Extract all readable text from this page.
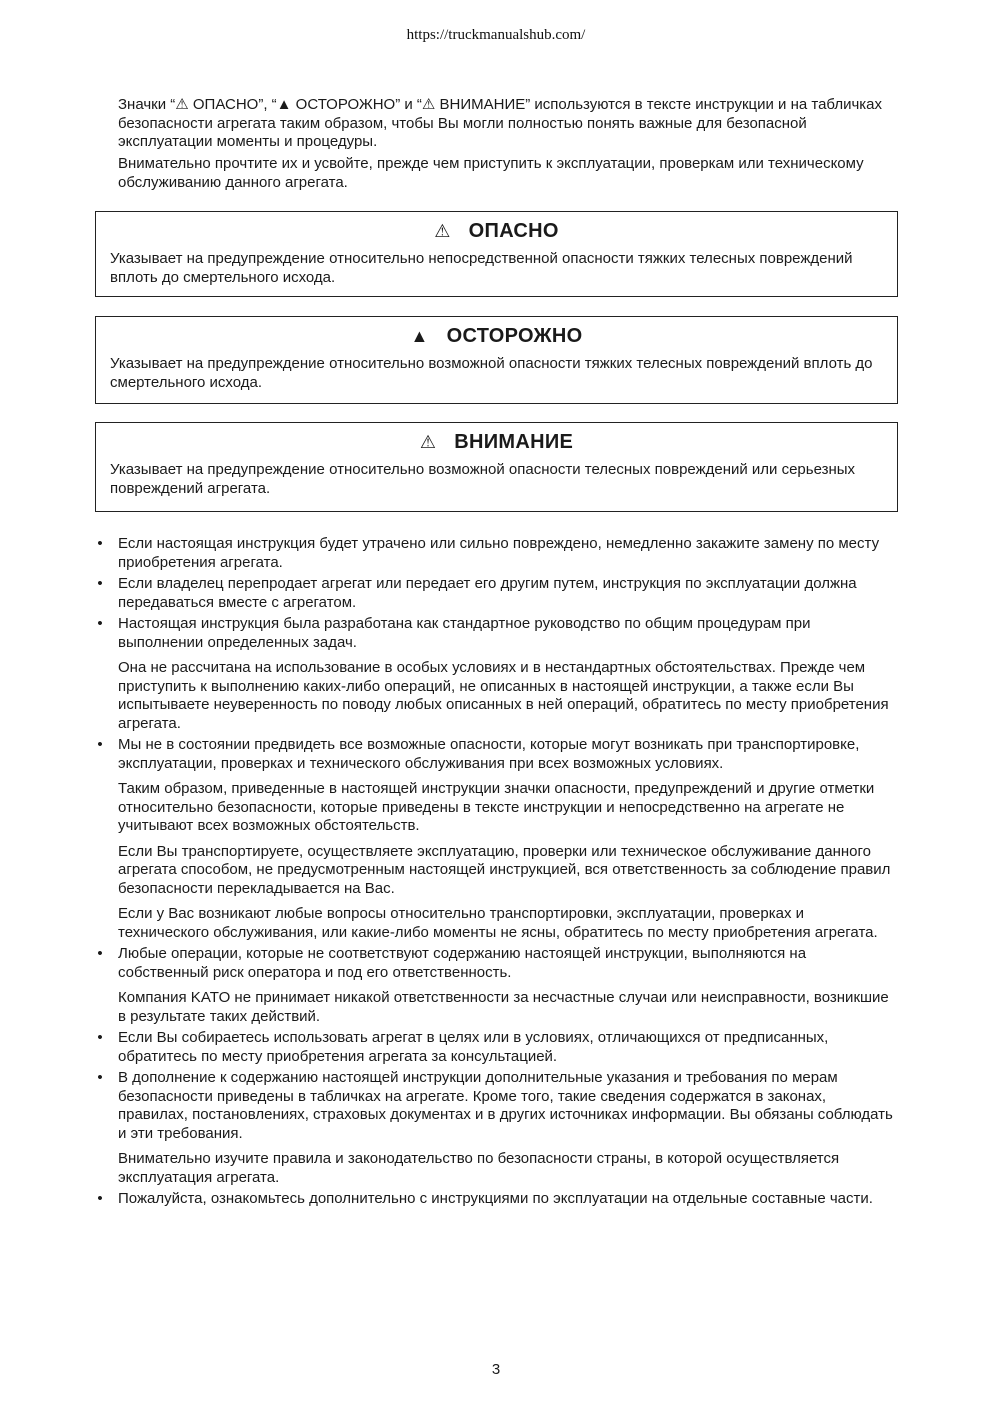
https://truckmanualshub.com/

Значки “⚠ ОПАСНО”, “▲ ОСТОРОЖНО” и “⚠ ВНИМАНИЕ” используются в тексте инструкции и на табличках безопасности агрегата таким образом, чтобы Вы могли полностью понять важные для безопасной эксплуатации моменты и процедуры.

Внимательно прочтите их и усвойте, прежде чем приступить к эксплуатации, проверкам или техническому обслуживанию данного агрегата.

⚠ ОПАСНО
Указывает на предупреждение относительно непосредственной опасности тяжких телесных повреждений вплоть до смертельного исхода.
▲ ОСТОРОЖНО
Указывает на предупреждение относительно возможной опасности тяжких телесных повреждений вплоть до смертельного исхода.
⚠ ВНИМАНИЕ
Указывает на предупреждение относительно возможной опасности телесных повреждений или серьезных повреждений агрегата.
• Если настоящая инструкция будет утрачено или сильно повреждено, немедленно закажите замену по месту приобретения агрегата.

• Если владелец перепродает агрегат или передает его другим путем, инструкция по эксплуатации должна передаваться вместе с агрегатом.

• Настоящая инструкция была разработана как стандартное руководство по общим процедурам при выполнении определенных задач.

Она не рассчитана на использование в особых условиях и в нестандартных обстоятельствах. Прежде чем приступить к выполнению каких-либо операций, не описанных в настоящей инструкции, а также если Вы испытываете неуверенность по поводу любых описанных в ней операций, обратитесь по месту приобретения агрегата.

• Мы не в состоянии предвидеть все возможные опасности, которые могут возникать при транспортировке, эксплуатации, проверках и технического обслуживания при всех возможных условиях.

Таким образом, приведенные в настоящей инструкции значки опасности, предупреждений и другие отметки относительно безопасности, которые приведены в тексте инструкции и непосредственно на агрегате не учитывают всех возможных обстоятельств.

Если Вы транспортируете, осуществляете эксплуатацию, проверки или техническое обслуживание данного агрегата способом, не предусмотренным настоящей инструкцией, вся ответственность за соблюдение правил безопасности перекладывается на Вас.

Если у Вас возникают любые вопросы относительно транспортировки, эксплуатации, проверках и технического обслуживания, или какие-либо моменты не ясны, обратитесь по месту приобретения агрегата.

• Любые операции, которые не соответствуют содержанию настоящей инструкции, выполняются на собственный риск оператора и под его ответственность.

Компания KATO не принимает никакой ответственности за несчастные случаи или неисправности, возникшие в результате таких действий.

• Если Вы собираетесь использовать агрегат в целях или в условиях, отличающихся от предписанных, обратитесь по месту приобретения агрегата за консультацией.

• В дополнение к содержанию настоящей инструкции дополнительные указания и требования по мерам безопасности приведены в табличках на агрегате. Кроме того, такие сведения содержатся в законах, правилах, постановлениях, страховых документах и в других источниках информации. Вы обязаны соблюдать и эти требования.

Внимательно изучите правила и законодательство по безопасности страны, в которой осуществляется эксплуатация агрегата.

• Пожалуйста, ознакомьтесь дополнительно с инструкциями по эксплуатации на отдельные составные части.

3
